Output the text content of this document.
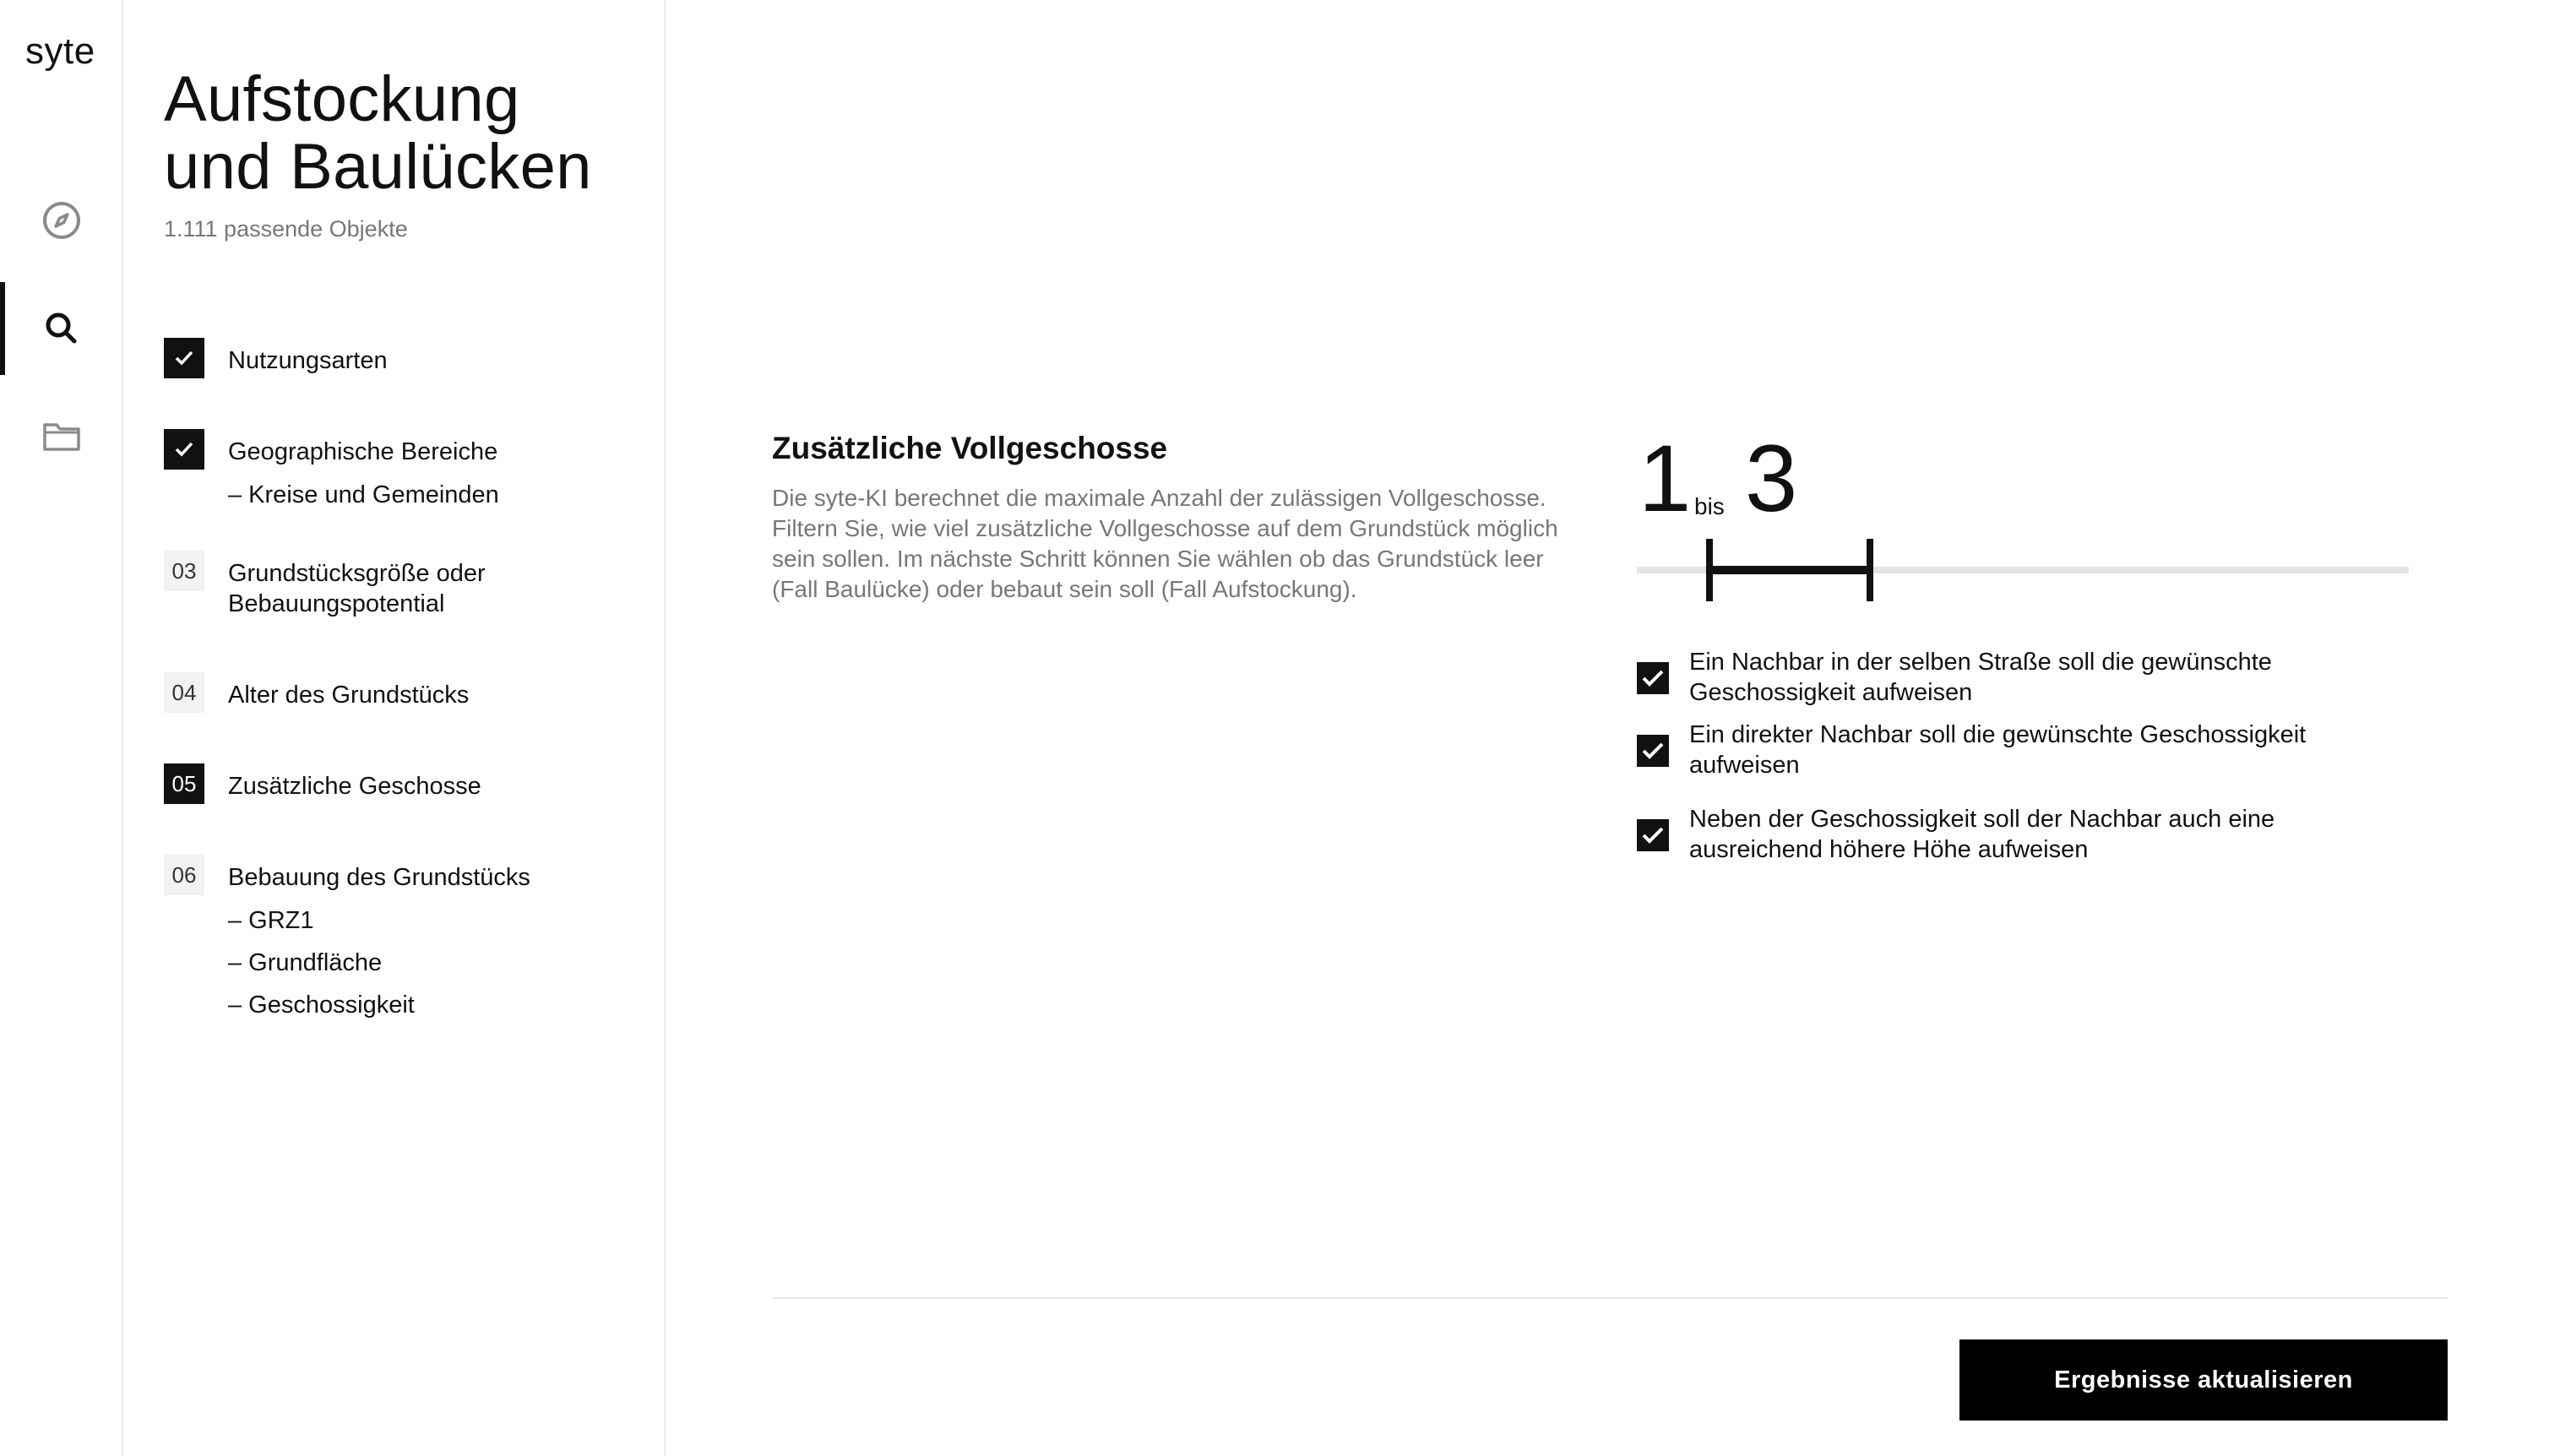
syte
Aufstockung
und Baulücken
1.111 passende Objekte
Nutzungsarten
Geographische Bereiche
– Kreise und Gemeinden
03	Grundstücksgröße oder Bebauungspotential
04	Alter des Grundstücks
05	Zusätzliche Geschosse
06	Bebauung des Grundstücks
– GRZ1
– Grundfläche
– Geschossigkeit
Zusätzliche Vollgeschosse

Die syte-KI berechnet die maximale Anzahl der zulässigen Vollgeschosse. Filtern Sie, wie viel zusätzliche Vollgeschosse auf dem Grundstück möglich sein sollen. Im nächste Schritt können Sie wählen ob das Grundstück leer (Fall Baulücke) oder bebaut sein soll (Fall Aufstockung).

1 bis 3
Ein Nachbar in der selben Straße soll die gewünschte Geschossigkeit aufweisen
Ein direkter Nachbar soll die gewünschte Geschossigkeit aufweisen
Neben der Geschossigkeit soll der Nachbar auch eine ausreichend höhere Höhe aufweisen
Ergebnisse aktualisieren
